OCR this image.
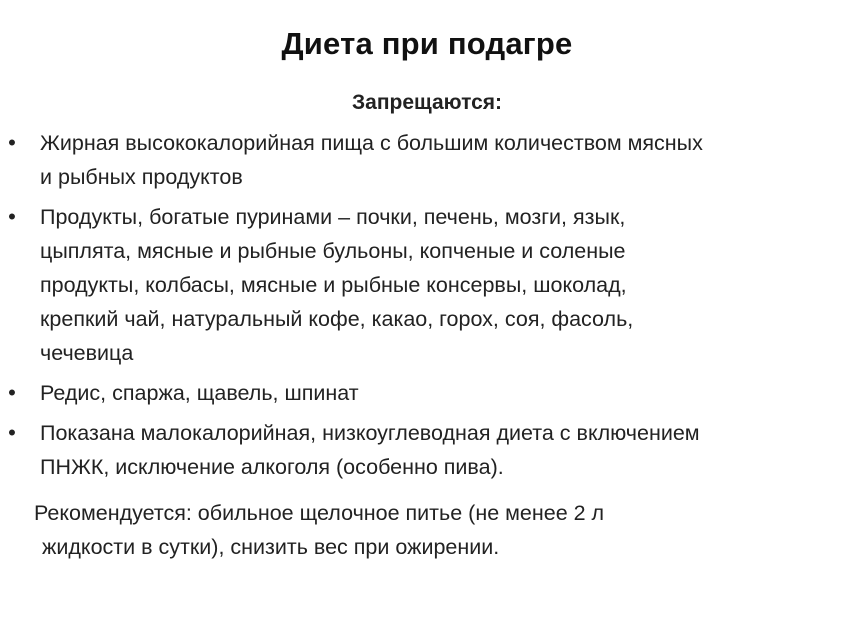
Диета при подагре
Запрещаются:
• Жирная высококалорийная пища с большим количеством мясных
и рыбных продуктов
• Продукты, богатые пуринами – почки, печень, мозги, язык,
цыплята, мясные и рыбные бульоны, копченые и соленые
продукты, колбасы, мясные и рыбные консервы, шоколад,
крепкий чай, натуральный кофе, какао, горох, соя, фасоль,
чечевица
• Редис, спаржа, щавель, шпинат
• Показана малокалорийная, низкоуглеводная диета с включением
ПНЖК, исключение алкоголя (особенно пива).
Рекомендуется: обильное щелочное питье (не менее 2 л
жидкости в сутки), снизить вес при ожирении.
